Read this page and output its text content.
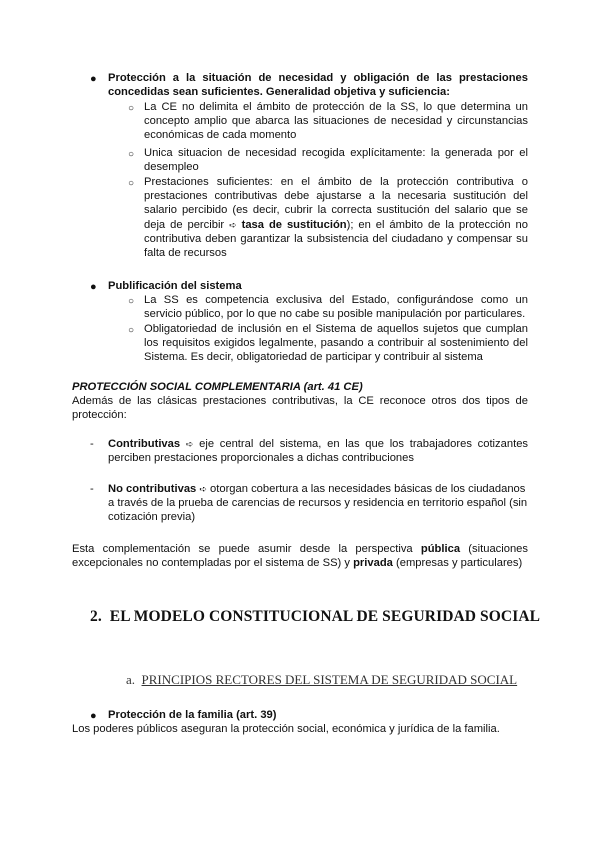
● Protección a la situación de necesidad y obligación de las prestaciones concedidas sean suficientes. Generalidad objetiva y suficiencia:
○ La CE no delimita el ámbito de protección de la SS, lo que determina un concepto amplio que abarca las situaciones de necesidad y circunstancias económicas de cada momento
○ Unica situacion de necesidad recogida explícitamente: la generada por el desempleo
○ Prestaciones suficientes: en el ámbito de la protección contributiva o prestaciones contributivas debe ajustarse a la necesaria sustitución del salario percibido (es decir, cubrir la correcta sustitución del salario que se deja de percibir ➪ tasa de sustitución); en el ámbito de la protección no contributiva deben garantizar la subsistencia del ciudadano y compensar su falta de recursos
● Publificación del sistema
○ La SS es competencia exclusiva del Estado, configurándose como un servicio público, por lo que no cabe su posible manipulación por particulares.
○ Obligatoriedad de inclusión en el Sistema de aquellos sujetos que cumplan los requisitos exigidos legalmente, pasando a contribuir al sostenimiento del Sistema. Es decir, obligatoriedad de participar y contribuir al sistema
PROTECCIÓN SOCIAL COMPLEMENTARIA (art. 41 CE)
Además de las clásicas prestaciones contributivas, la CE reconoce otros dos tipos de protección:
- Contributivas ➪ eje central del sistema, en las que los trabajadores cotizantes perciben prestaciones proporcionales a dichas contribuciones
- No contributivas ➪ otorgan cobertura a las necesidades básicas de los ciudadanos a través de la prueba de carencias de recursos y residencia en territorio español (sin cotización previa)
Esta complementación se puede asumir desde la perspectiva pública (situaciones excepcionales no contempladas por el sistema de SS) y privada (empresas y particulares)
2. EL MODELO CONSTITUCIONAL DE SEGURIDAD SOCIAL
a. PRINCIPIOS RECTORES DEL SISTEMA DE SEGURIDAD SOCIAL
● Protección de la familia (art. 39)
Los poderes públicos aseguran la protección social, económica y jurídica de la familia.
